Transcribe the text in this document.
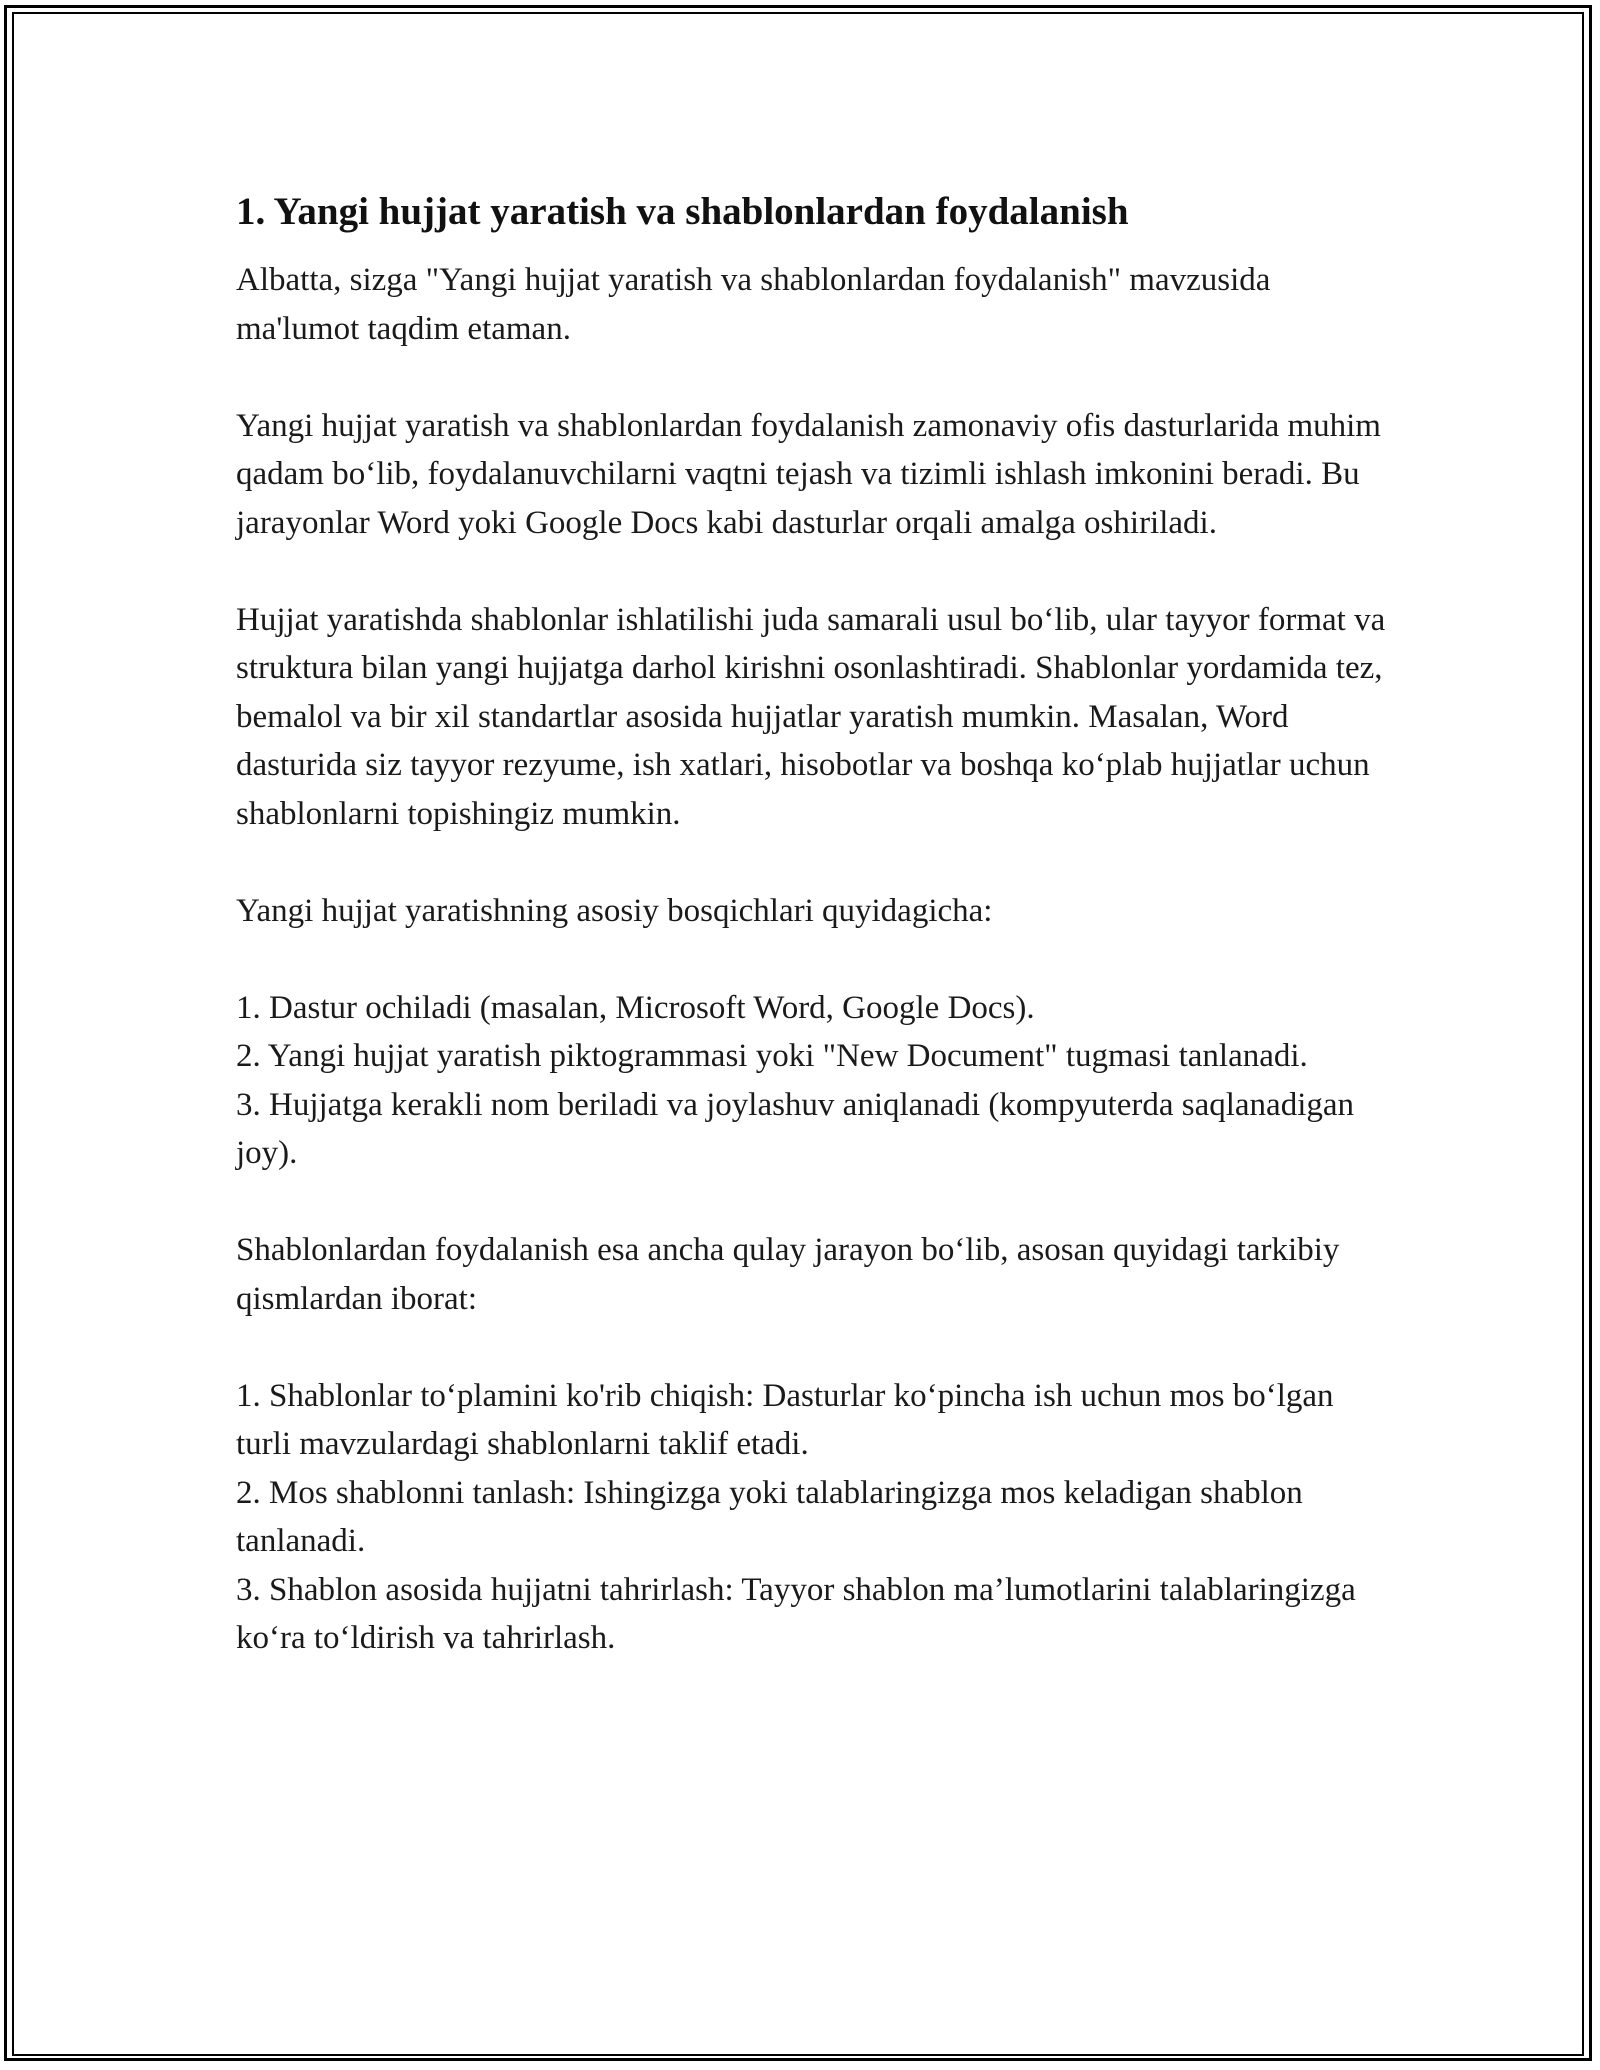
1. Yangi hujjat yaratish va shablonlardan foydalanish
Albatta, sizga "Yangi hujjat yaratish va shablonlardan foydalanish" mavzusida ma'lumot taqdim etaman.
Yangi hujjat yaratish va shablonlardan foydalanish zamonaviy ofis dasturlarida muhim qadam bo‘lib, foydalanuvchilarni vaqtni tejash va tizimli ishlash imkonini beradi. Bu jarayonlar Word yoki Google Docs kabi dasturlar orqali amalga oshiriladi.
Hujjat yaratishda shablonlar ishlatilishi juda samarali usul bo‘lib, ular tayyor format va struktura bilan yangi hujjatga darhol kirishni osonlashtiradi. Shablonlar yordamida tez, bemalol va bir xil standartlar asosida hujjatlar yaratish mumkin. Masalan, Word dasturida siz tayyor rezyume, ish xatlari, hisobotlar va boshqa ko‘plab hujjatlar uchun shablonlarni topishingiz mumkin.
Yangi hujjat yaratishning asosiy bosqichlari quyidagicha:
1. Dastur ochiladi (masalan, Microsoft Word, Google Docs).
2. Yangi hujjat yaratish piktogrammasi yoki "New Document" tugmasi tanlanadi.
3. Hujjatga kerakli nom beriladi va joylashuv aniqlanadi (kompyuterda saqlanadigan joy).
Shablonlardan foydalanish esa ancha qulay jarayon bo‘lib, asosan quyidagi tarkibiy qismlardan iborat:
1. Shablonlar to‘plamini ko'rib chiqish: Dasturlar ko‘pincha ish uchun mos bo‘lgan turli mavzulardagi shablonlarni taklif etadi.
2. Mos shablonni tanlash: Ishingizga yoki talablaringizga mos keladigan shablon tanlanadi.
3. Shablon asosida hujjatni tahrirlash: Tayyor shablon ma’lumotlarini talablaringizga ko‘ra to‘ldirish va tahrirlash.
